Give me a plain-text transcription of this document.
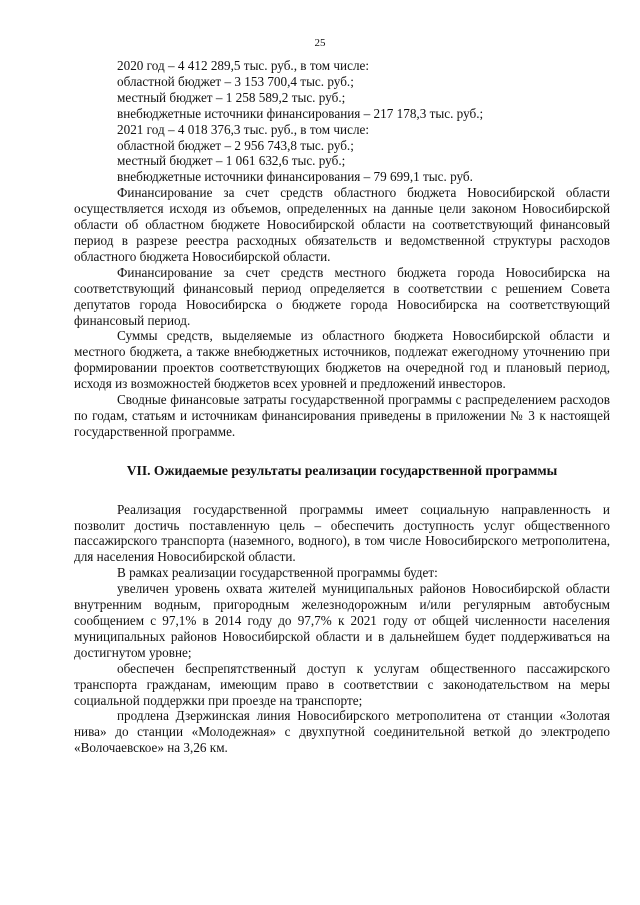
25

2020 год – 4 412 289,5 тыс. руб., в том числе:

областной бюджет – 3 153 700,4 тыс. руб.;

местный бюджет – 1 258 589,2 тыс. руб.;

внебюджетные источники финансирования – 217 178,3 тыс. руб.;

2021 год – 4 018 376,3 тыс. руб., в том числе:

областной бюджет – 2 956 743,8 тыс. руб.;

местный бюджет – 1 061 632,6 тыс. руб.;

внебюджетные источники финансирования – 79 699,1 тыс. руб.

Финансирование за счет средств областного бюджета Новосибирской области осуществляется исходя из объемов, определенных на данные цели законом Новосибирской области об областном бюджете Новосибирской области на соответствующий финансовый период в разрезе реестра расходных обязательств и ведомственной структуры расходов областного бюджета Новосибирской области.

Финансирование за счет средств местного бюджета города Новосибирска на соответствующий финансовый период определяется в соответствии с решением Совета депутатов города Новосибирска о бюджете города Новосибирска на соответствующий финансовый период.

Суммы средств, выделяемые из областного бюджета Новосибирской области и местного бюджета, а также внебюджетных источников, подлежат ежегодному уточнению при формировании проектов соответствующих бюджетов на очередной год и плановый период, исходя из возможностей бюджетов всех уровней и предложений инвесторов.

Сводные финансовые затраты государственной программы с распределением расходов по годам, статьям и источникам финансирования приведены в приложении № 3 к настоящей государственной программе.

VII. Ожидаемые результаты реализации государственной программы

Реализация государственной программы имеет социальную направленность и позволит достичь поставленную цель – обеспечить доступность услуг общественного пассажирского транспорта (наземного, водного), в том числе Новосибирского метрополитена, для населения Новосибирской области.

В рамках реализации государственной программы будет:

увеличен уровень охвата жителей муниципальных районов Новосибирской области внутренним водным, пригородным железнодорожным и/или регулярным автобусным сообщением с 97,1% в 2014 году до 97,7% к 2021 году от общей численности населения муниципальных районов Новосибирской области и в дальнейшем будет поддерживаться на достигнутом уровне;

обеспечен беспрепятственный доступ к услугам общественного пассажирского транспорта гражданам, имеющим право в соответствии с законодательством на меры социальной поддержки при проезде на транспорте;

продлена Дзержинская линия Новосибирского метрополитена от станции «Золотая нива» до станции «Молодежная» с двухпутной соединительной веткой до электродепо «Волочаевское» на 3,26 км.
